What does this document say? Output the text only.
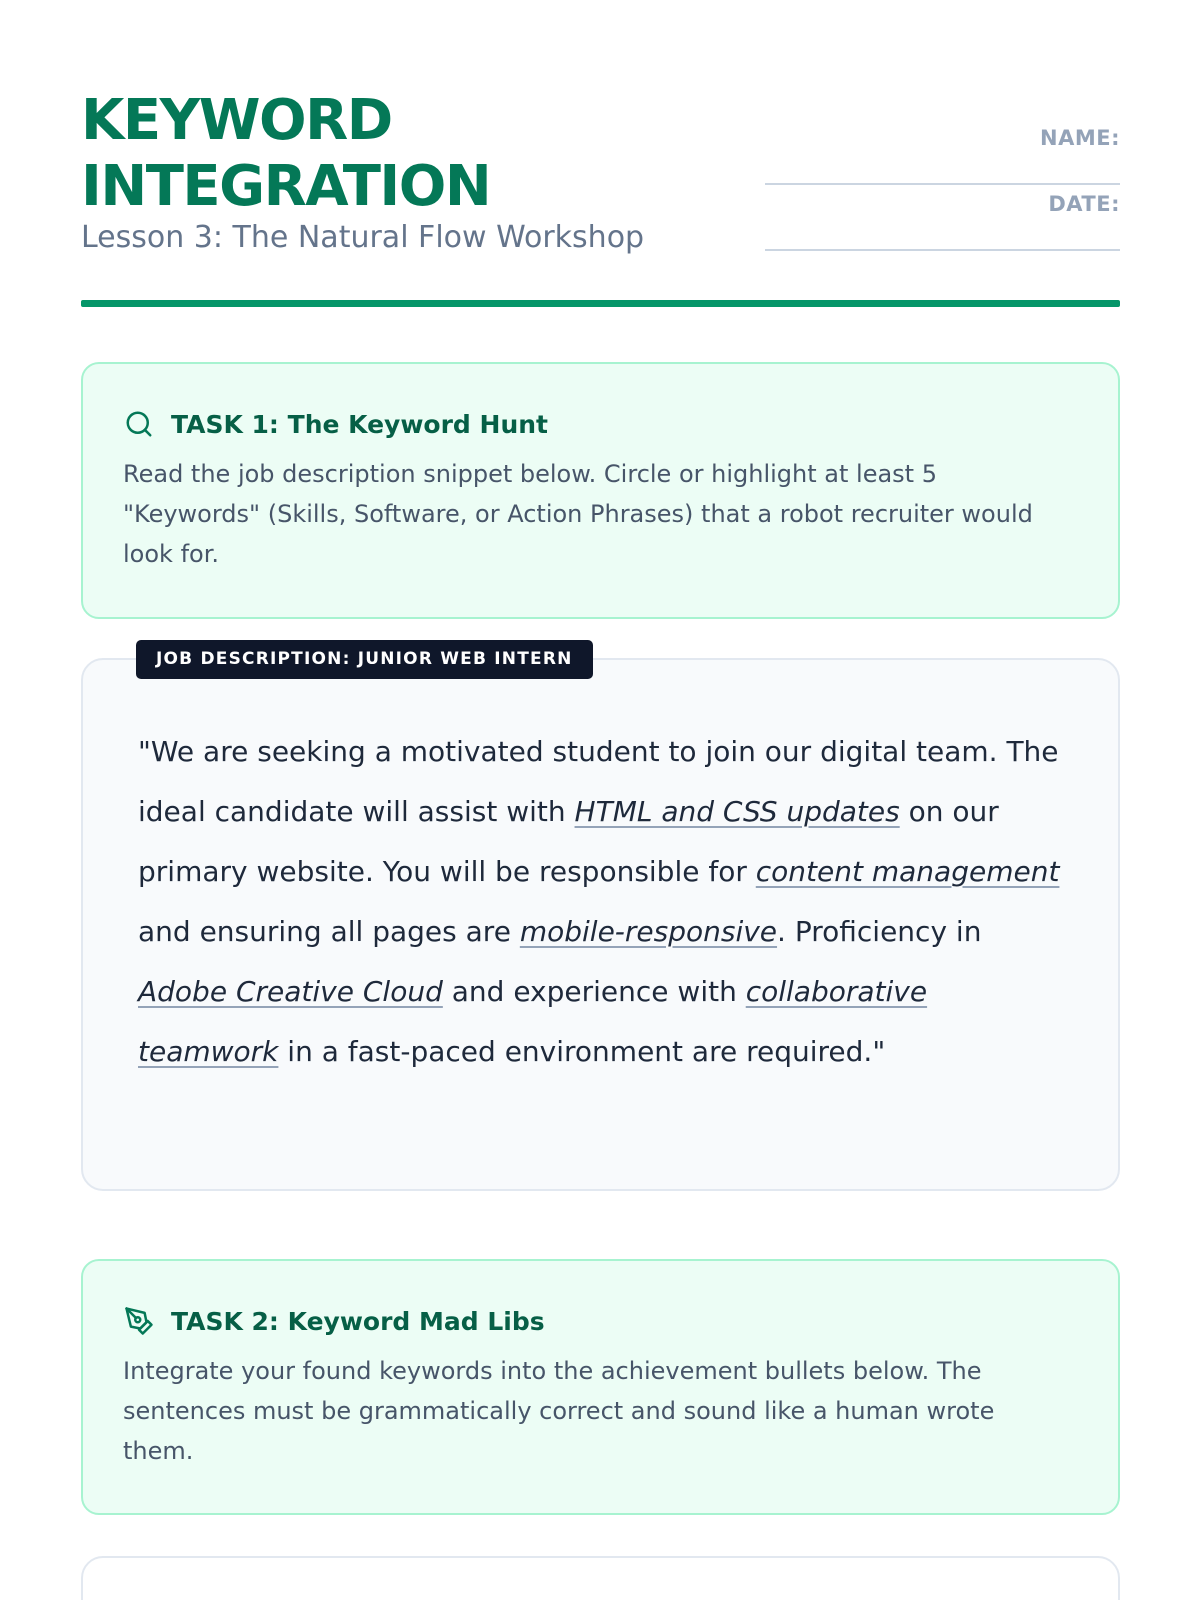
KEYWORD
INTEGRATION
Lesson 3: The Natural Flow Workshop
NAME:
DATE:
TASK 1: The Keyword Hunt
Read the job description snippet below. Circle or highlight at least 5 "Keywords" (Skills, Software, or Action Phrases) that a robot recruiter would look for.

"We are seeking a motivated student to join our digital team. The ideal candidate will assist with HTML and CSS updates on our primary website. You will be responsible for content management and ensuring all pages are mobile-responsive. Proficiency in Adobe Creative Cloud and experience with collaborative teamwork in a fast-paced environment are required."

JOB DESCRIPTION: JUNIOR WEB INTERN
TASK 2: Keyword Mad Libs
Integrate your found keywords into the achievement bullets below. The sentences must be grammatically correct and sound like a human wrote them.
